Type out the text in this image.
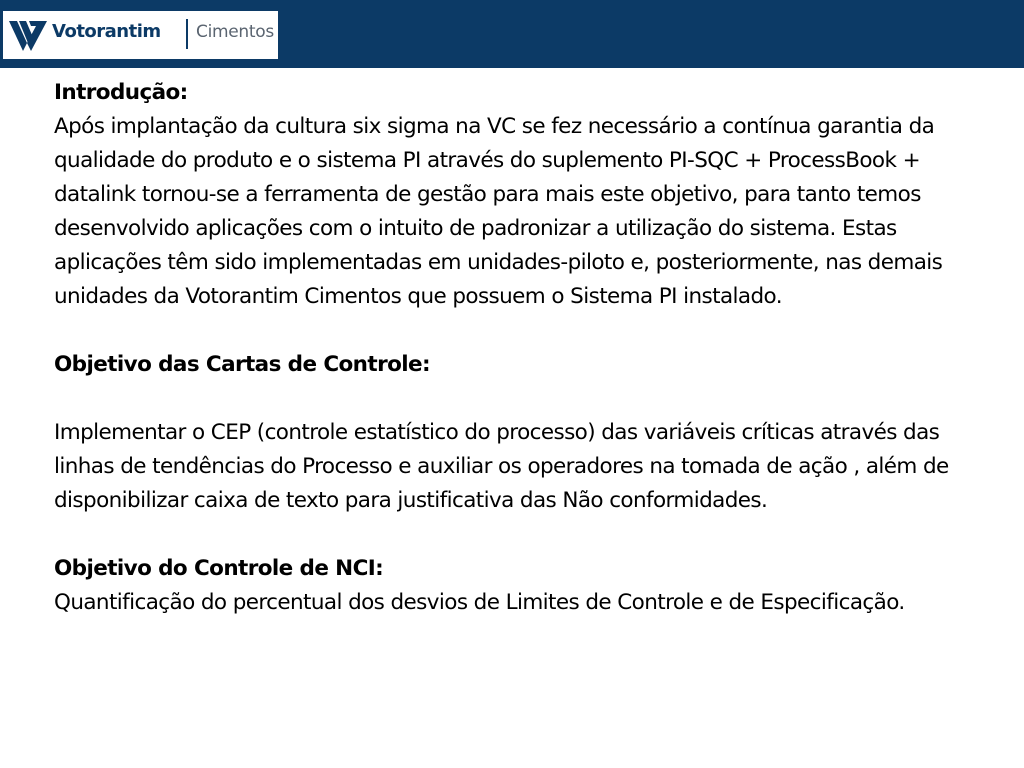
Votorantim Cimentos

Introdução:

Após implantação da cultura six sigma na VC se fez necessário a contínua garantia da qualidade do produto e o sistema PI através do suplemento PI-SQC + ProcessBook + datalink tornou-se a ferramenta de gestão para mais este objetivo, para tanto temos desenvolvido aplicações com o intuito de padronizar a utilização do sistema. Estas aplicações têm sido implementadas em unidades-piloto e, posteriormente, nas demais unidades da Votorantim Cimentos que possuem o Sistema PI instalado.

Objetivo das Cartas de Controle:

Implementar o CEP (controle estatístico do processo) das variáveis críticas através das linhas de tendências do Processo e auxiliar os operadores na tomada de ação , além de disponibilizar caixa de texto para justificativa das Não conformidades.

Objetivo do Controle de NCI:

Quantificação do percentual dos desvios de Limites de Controle e de Especificação.
